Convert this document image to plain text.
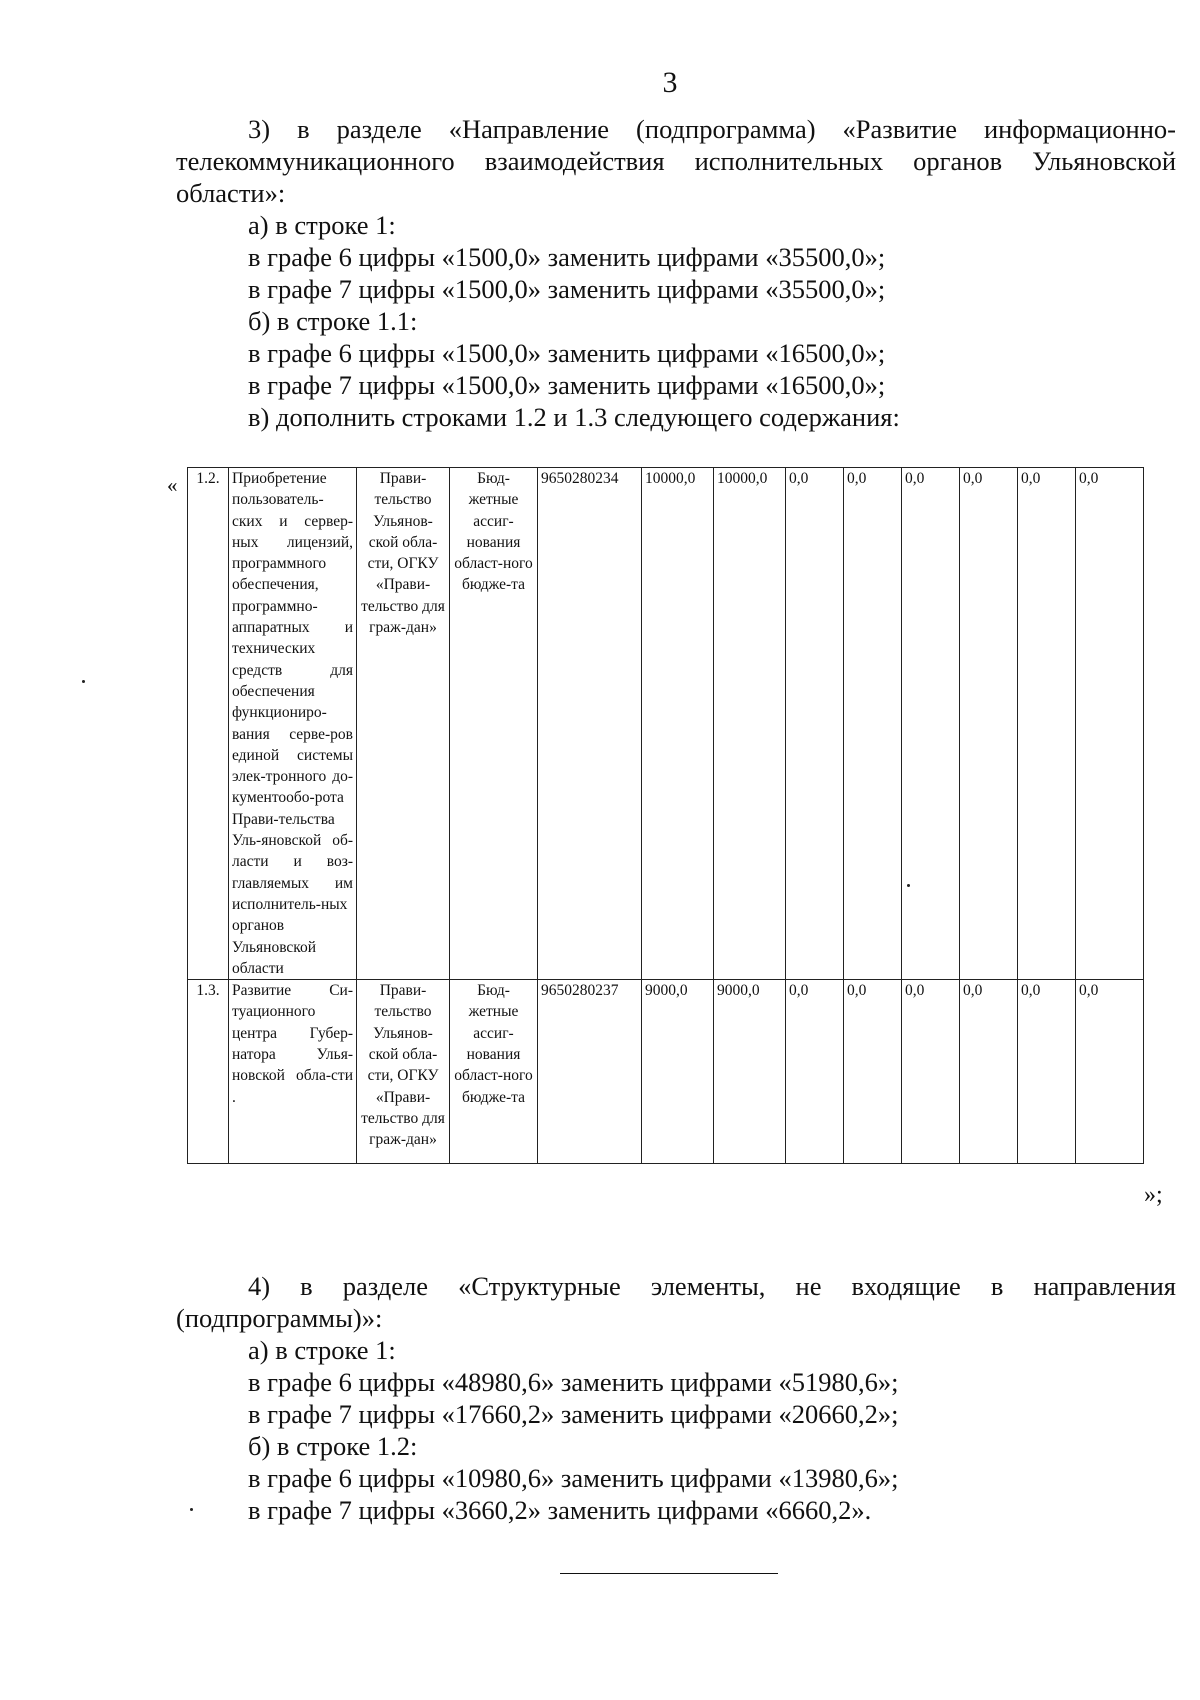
3

3) в разделе «Направление (подпрограмма) «Развитие информационно-телекоммуникационного взаимодействия исполнительных органов Ульяновской области»:

а) в строке 1:

в графе 6 цифры «1500,0» заменить цифрами «35500,0»;

в графе 7 цифры «1500,0» заменить цифрами «35500,0»;

б) в строке 1.1:

в графе 6 цифры «1500,0» заменить цифрами «16500,0»;

в графе 7 цифры «1500,0» заменить цифрами «16500,0»;

в) дополнить строками 1.2 и 1.3 следующего содержания:

« 1.2.	Приобретение пользователь-ских и сервер-ных лицензий, программного обеспечения, программно-аппаратных и технических средств для обеспечения функциониро-вания серве-ров единой системы элек-тронного до-кументообо-рота Прави-тельства Уль-яновской об-ласти и воз-главляемых им исполнитель-ных органов Ульяновской области	Прави-тельство Ульянов-ской обла-сти, ОГКУ «Прави-тельство для граж-дан»	Бюд-жетные ассиг-нования област-ного бюдже-та	9650280234	10000,0	10000,0	0,0	0,0	0,0	0,0	0,0	0,0
1.3.	Развитие Си-туационного центра Губер-натора Улья-новской обла-сти .	Прави-тельство Ульянов-ской обла-сти, ОГКУ «Прави-тельство для граж-дан»	Бюд-жетные ассиг-нования област-ного бюдже-та	9650280237	9000,0	9000,0	0,0	0,0	0,0	0,0	0,0	0,0
»;

4) в разделе «Структурные элементы, не входящие в направления (подпрограммы)»:

а) в строке 1:

в графе 6 цифры «48980,6» заменить цифрами «51980,6»;

в графе 7 цифры «17660,2» заменить цифрами «20660,2»;

б) в строке 1.2:

в графе 6 цифры «10980,6» заменить цифрами «13980,6»;

в графе 7 цифры «3660,2» заменить цифрами «6660,2».
